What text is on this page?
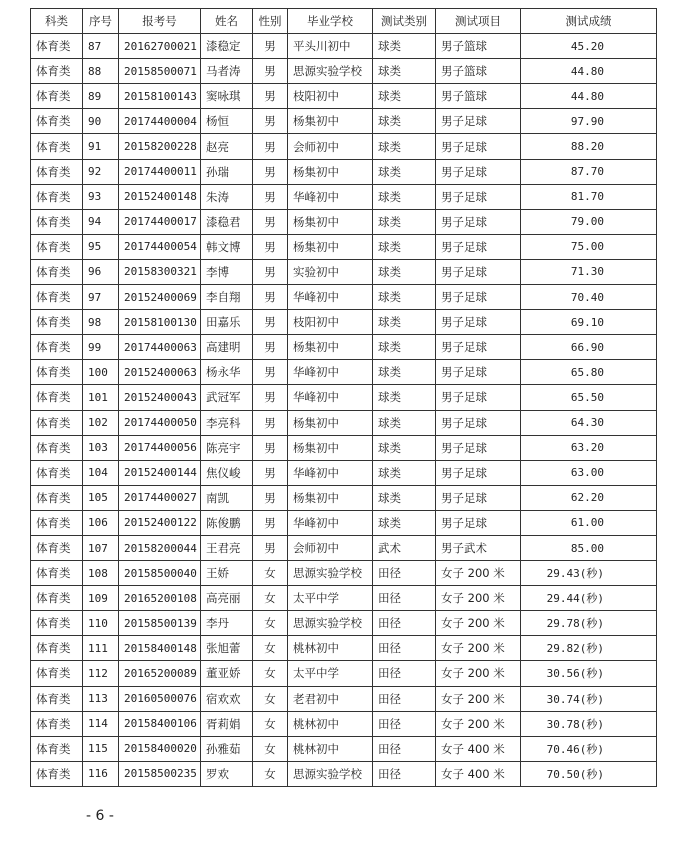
科类	序号	报考号	姓名	性别	毕业学校	测试类别	测试项目	测试成绩
体育类	87	20162700021	漆稳定	男	平头川初中	球类	男子篮球	45.20
体育类	88	20158500071	马者涛	男	思源实验学校	球类	男子篮球	44.80
体育类	89	20158100143	窦咏琪	男	枝阳初中	球类	男子篮球	44.80
体育类	90	20174400004	杨恒	男	杨集初中	球类	男子足球	97.90
体育类	91	20158200228	赵亮	男	会师初中	球类	男子足球	88.20
体育类	92	20174400011	孙瑞	男	杨集初中	球类	男子足球	87.70
体育类	93	20152400148	朱涛	男	华峰初中	球类	男子足球	81.70
体育类	94	20174400017	漆稳君	男	杨集初中	球类	男子足球	79.00
体育类	95	20174400054	韩文博	男	杨集初中	球类	男子足球	75.00
体育类	96	20158300321	李博	男	实验初中	球类	男子足球	71.30
体育类	97	20152400069	李自翔	男	华峰初中	球类	男子足球	70.40
体育类	98	20158100130	田嘉乐	男	枝阳初中	球类	男子足球	69.10
体育类	99	20174400063	高建明	男	杨集初中	球类	男子足球	66.90
体育类	100	20152400063	杨永华	男	华峰初中	球类	男子足球	65.80
体育类	101	20152400043	武冠军	男	华峰初中	球类	男子足球	65.50
体育类	102	20174400050	李亮科	男	杨集初中	球类	男子足球	64.30
体育类	103	20174400056	陈亮宇	男	杨集初中	球类	男子足球	63.20
体育类	104	20152400144	焦仪峻	男	华峰初中	球类	男子足球	63.00
体育类	105	20174400027	南凯	男	杨集初中	球类	男子足球	62.20
体育类	106	20152400122	陈俊鹏	男	华峰初中	球类	男子足球	61.00
体育类	107	20158200044	王君亮	男	会师初中	武术	男子武术	85.00
体育类	108	20158500040	王娇	女	思源实验学校	田径	女子 200 米	29.43(秒)
体育类	109	20165200108	高亮丽	女	太平中学	田径	女子 200 米	29.44(秒)
体育类	110	20158500139	李丹	女	思源实验学校	田径	女子 200 米	29.78(秒)
体育类	111	20158400148	张旭蕾	女	桃林初中	田径	女子 200 米	29.82(秒)
体育类	112	20165200089	董亚娇	女	太平中学	田径	女子 200 米	30.56(秒)
体育类	113	20160500076	宿欢欢	女	老君初中	田径	女子 200 米	30.74(秒)
体育类	114	20158400106	胥莉娟	女	桃林初中	田径	女子 200 米	30.78(秒)
体育类	115	20158400020	孙雅茹	女	桃林初中	田径	女子 400 米	70.46(秒)
体育类	116	20158500235	罗欢	女	思源实验学校	田径	女子 400 米	70.50(秒)
- 6 -
